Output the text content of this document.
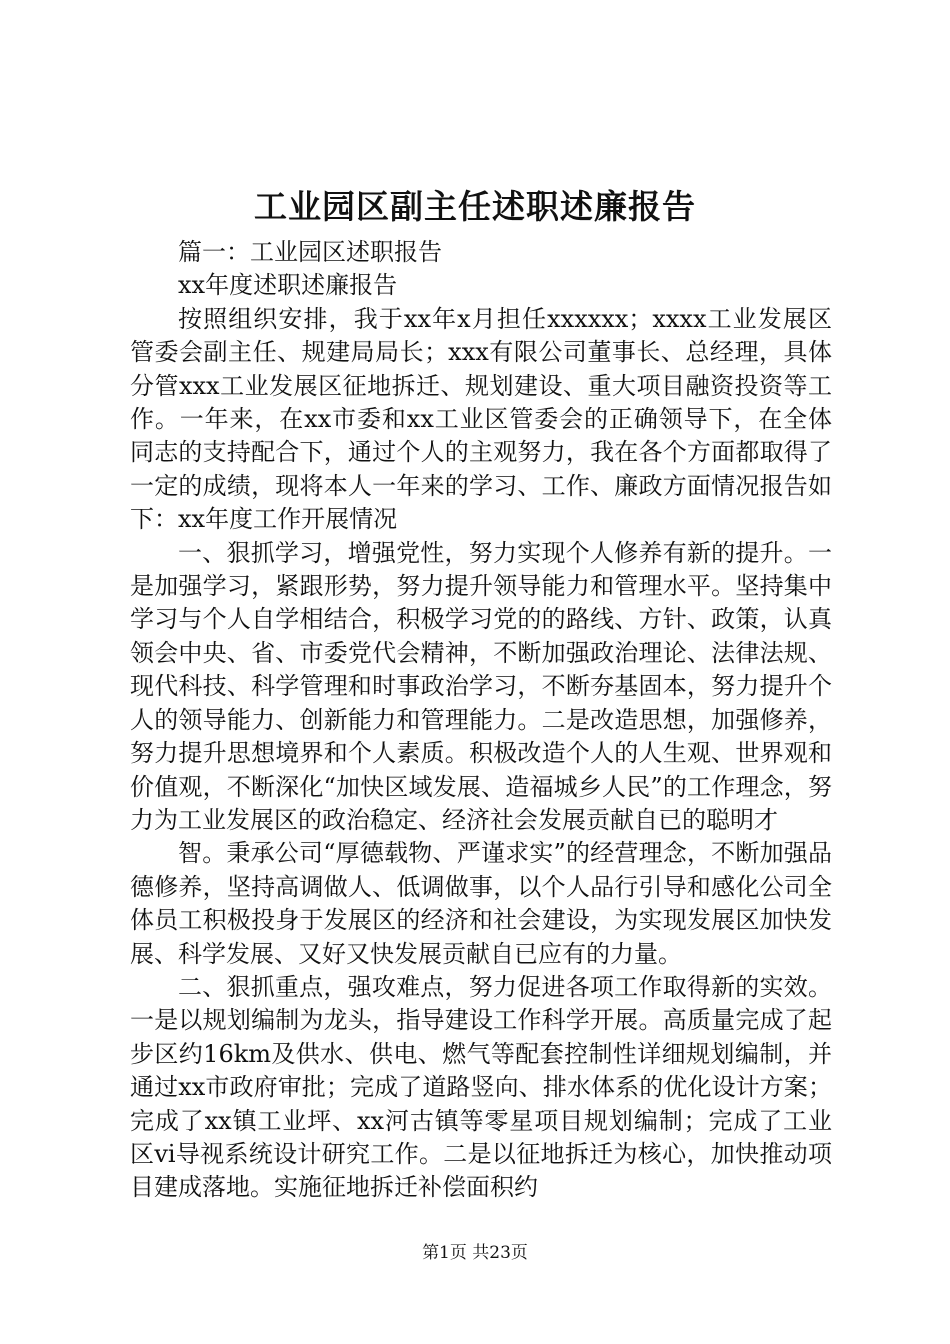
工业园区副主任述职述廉报告

篇一：工业园区述职报告

xx年度述职述廉报告

按照组织安排，我于xx年x月担任xxxxxx；xxxx工业发展区管委会副主任、规建局局长；xxx有限公司董事长、总经理，具体分管xxx工业发展区征地拆迁、规划建设、重大项目融资投资等工作。一年来，在xx市委和xx工业区管委会的正确领导下，在全体同志的支持配合下，通过个人的主观努力，我在各个方面都取得了一定的成绩，现将本人一年来的学习、工作、廉政方面情况报告如下：xx年度工作开展情况

一、狠抓学习，增强党性，努力实现个人修养有新的提升。一是加强学习，紧跟形势，努力提升领导能力和管理水平。坚持集中学习与个人自学相结合，积极学习党的的路线、方针、政策，认真领会中央、省、市委党代会精神，不断加强政治理论、法律法规、现代科技、科学管理和时事政治学习，不断夯基固本，努力提升个人的领导能力、创新能力和管理能力。二是改造思想，加强修养，努力提升思想境界和个人素质。积极改造个人的人生观、世界观和价值观，不断深化“加快区域发展、造福城乡人民”的工作理念，努力为工业发展区的政治稳定、经济社会发展贡献自已的聪明才

智。秉承公司“厚德载物、严谨求实”的经营理念，不断加强品德修养，坚持高调做人、低调做事，以个人品行引导和感化公司全体员工积极投身于发展区的经济和社会建设，为实现发展区加快发展、科学发展、又好又快发展贡献自已应有的力量。

二、狠抓重点，强攻难点，努力促进各项工作取得新的实效。一是以规划编制为龙头，指导建设工作科学开展。高质量完成了起步区约16km及供水、供电、燃气等配套控制性详细规划编制，并通过xx市政府审批；完成了道路竖向、排水体系的优化设计方案；完成了xx镇工业坪、xx河古镇等零星项目规划编制；完成了工业区vi导视系统设计研究工作。二是以征地拆迁为核心，加快推动项目建成落地。实施征地拆迁补偿面积约

第1页 共23页
